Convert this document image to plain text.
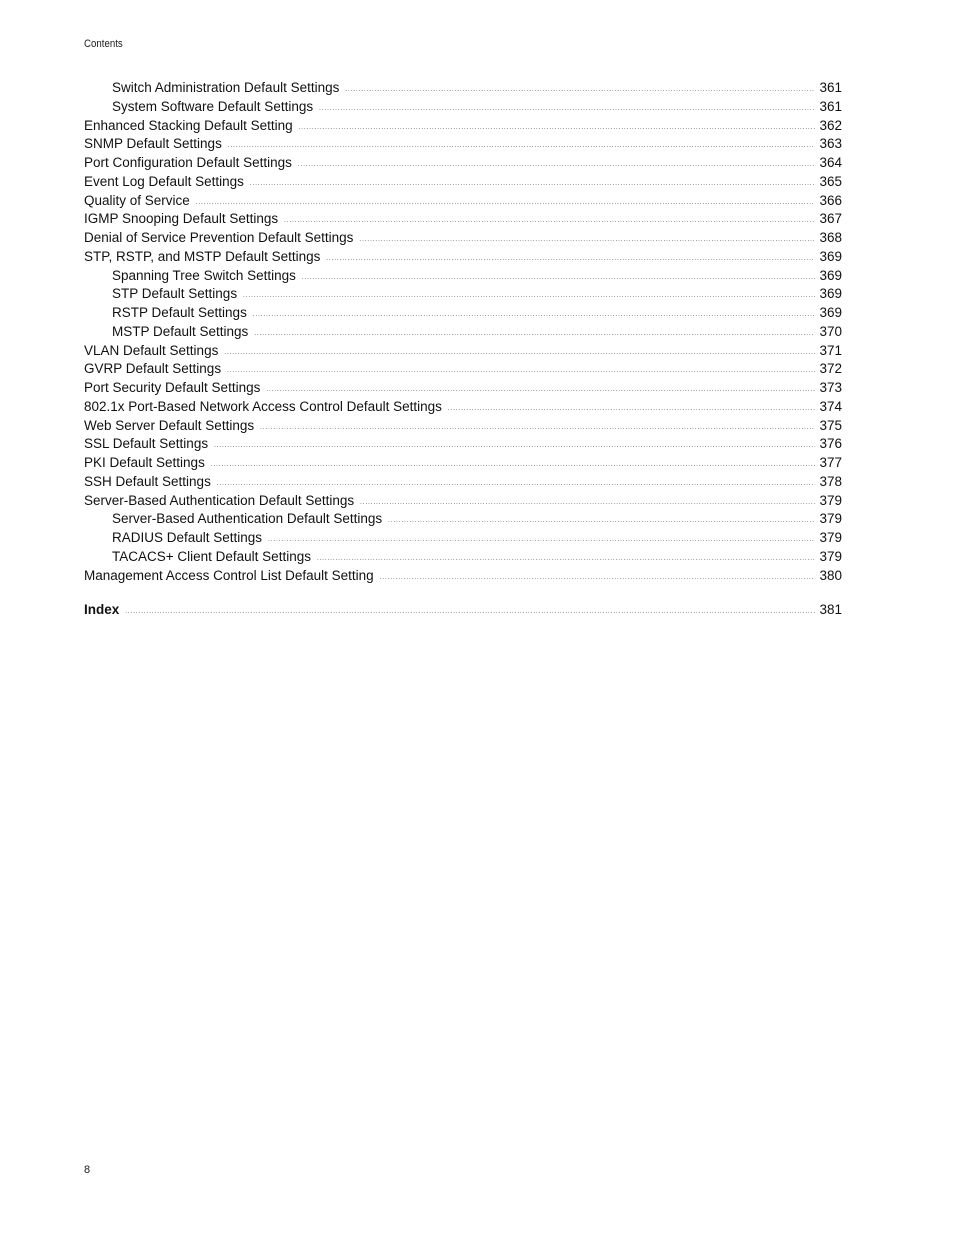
Contents
Switch Administration Default Settings .....	361
System Software Default Settings .....	361
Enhanced Stacking Default Setting .....	362
SNMP Default Settings .....	363
Port Configuration Default Settings .....	364
Event Log Default Settings .....	365
Quality of Service .....	366
IGMP Snooping Default Settings .....	367
Denial of Service Prevention Default Settings .....	368
STP, RSTP, and MSTP Default Settings .....	369
Spanning Tree Switch Settings .....	369
STP Default Settings .....	369
RSTP Default Settings .....	369
MSTP Default Settings .....	370
VLAN Default Settings .....	371
GVRP Default Settings .....	372
Port Security Default Settings .....	373
802.1x Port-Based Network Access Control Default Settings .....	374
Web Server Default Settings .....	375
SSL Default Settings .....	376
PKI Default Settings .....	377
SSH Default Settings .....	378
Server-Based Authentication Default Settings .....	379
Server-Based Authentication Default Settings .....	379
RADIUS Default Settings .....	379
TACACS+ Client Default Settings .....	379
Management Access Control List Default Setting .....	380
Index .....	381
8
